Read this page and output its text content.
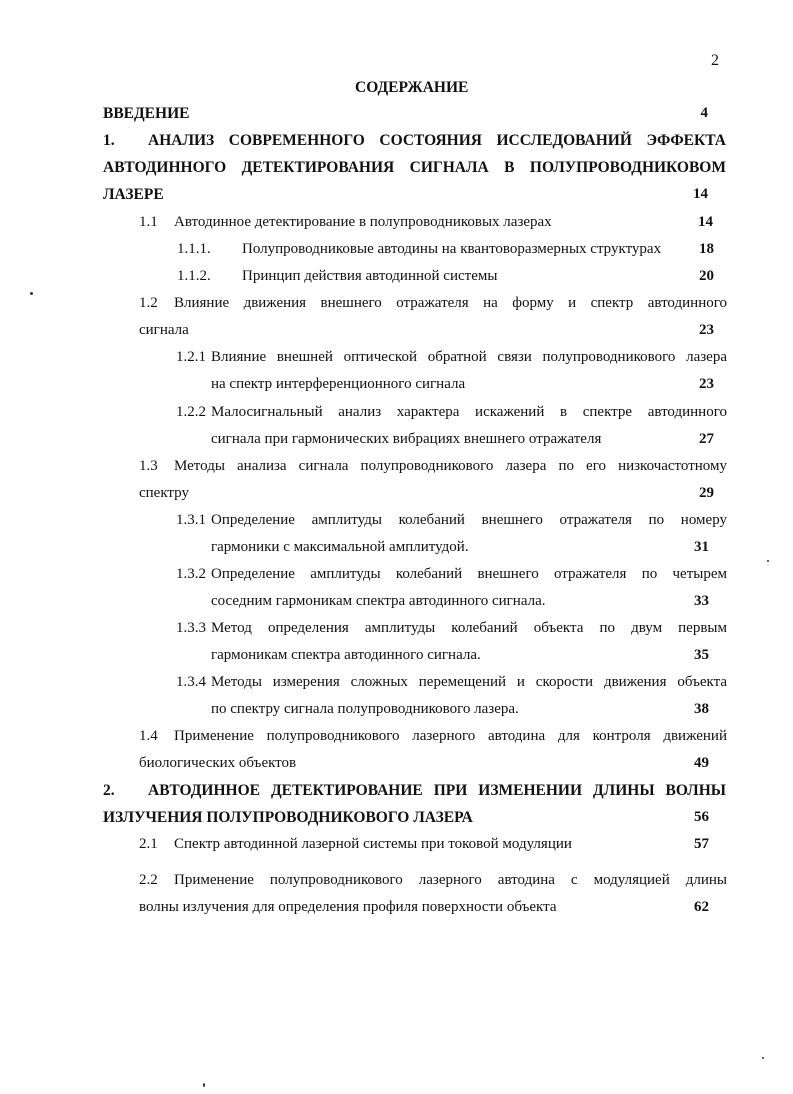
2
СОДЕРЖАНИЕ
ВВЕДЕНИЕ	4
1. АНАЛИЗ СОВРЕМЕННОГО СОСТОЯНИЯ ИССЛЕДОВАНИЙ ЭФФЕКТА
АВТОДИННОГО ДЕТЕКТИРОВАНИЯ СИГНАЛА В ПОЛУПРОВОДНИКОВОМ
ЛАЗЕРЕ	14
1.1 Автодинное детектирование в полупроводниковых лазерах	14
1.1.1. Полупроводниковые автодины на квантоворазмерных структурах	18
1.1.2. Принцип действия автодинной системы	20
1.2 Влияние движения внешнего отражателя на форму и спектр автодинного
сигнала	23
1.2.1 Влияние внешней оптической обратной связи полупроводникового лазера
на спектр интерференционного сигнала	23
1.2.2 Малосигнальный анализ характера искажений в спектре автодинного
сигнала при гармонических вибрациях внешнего отражателя	27
1.3 Методы анализа сигнала полупроводникового лазера по его низкочастотному
спектру	29
1.3.1 Определение амплитуды колебаний внешнего отражателя по номеру
гармоники с максимальной амплитудой.	31
1.3.2 Определение амплитуды колебаний внешнего отражателя по четырем
соседним гармоникам спектра автодинного сигнала.	33
1.3.3 Метод определения амплитуды колебаний объекта по двум первым
гармоникам спектра автодинного сигнала.	35
1.3.4 Методы измерения сложных перемещений и скорости движения объекта
по спектру сигнала полупроводникового лазера.	38
1.4 Применение полупроводникового лазерного автодина для контроля движений
биологических объектов	49
2. АВТОДИННОЕ ДЕТЕКТИРОВАНИЕ ПРИ ИЗМЕНЕНИИ ДЛИНЫ ВОЛНЫ
ИЗЛУЧЕНИЯ ПОЛУПРОВОДНИКОВОГО ЛАЗЕРА	56
2.1 Спектр автодинной лазерной системы при токовой модуляции	57
2.2 Применение полупроводникового лазерного автодина с модуляцией длины
волны излучения для определения профиля поверхности объекта	62
